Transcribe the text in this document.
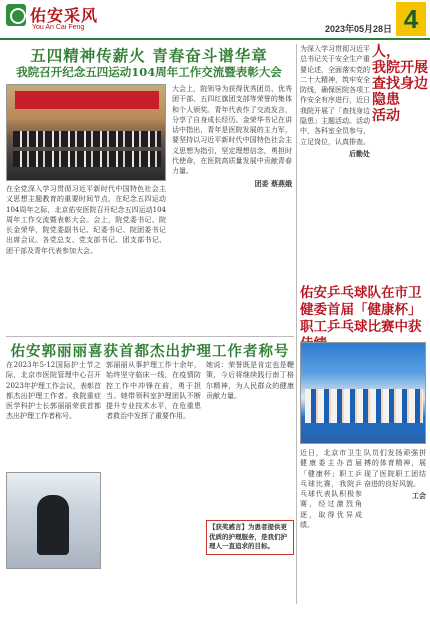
佑安采风
You An Cai Feng	2023年05月28日 4
五四精神传薪火 青春奋斗谱华章
我院召开纪念五四运动104周年工作交流暨表彰大会
在全党深入学习贯彻习近平新时代中国特色社会主义思想主题教育的重要时间节点，在纪念五四运动104周年之际，北京佑安医院召开纪念五四运动104周年工作交流暨表彰大会。会上，院党委书记、院长金荣华，院党委副书记、纪委书记、院团委书记出席会议。各党总支、党支部书记、团支部书记、团干部及青年代表参加大会。
大会上，院领导为获得优秀团员、优秀团干部、五四红旗团支部等荣誉的集体和个人颁奖。青年代表作了交流发言，分享了自身成长经历。金荣华书记在讲话中指出，青年是医院发展的主力军，要坚持以习近平新时代中国特色社会主义思想为指引，坚定理想信念，勇担时代使命，在医院高质量发展中贡献青春力量。
团委 蔡燕娥
为深入学习贯彻习近平总书记关于安全生产重要论述，全面落实党的二十大精神，筑牢安全防线，确保医院各项工作安全有序进行，近日我院开展了「查找身边隐患」主题活动。活动中，各科室全员参与，立足岗位，认真排查。
后勤处
人，
我院开展
查找身边
隐患
活动
佑安郭丽丽喜获首都杰出护理工作者称号
在2023年5·12国际护士节之际，北京市医院管理中心召开2023年护理工作会议，表彰首都杰出护理工作者。我院重症医学科护士长郭丽丽荣获首都杰出护理工作者称号。
郭丽丽从事护理工作十余年，始终坚守临床一线，在疫情防控工作中冲锋在前，勇于担当。她带领科室护理团队不断提升专业技术水平，在危重患者救治中发挥了重要作用。
她说：荣誉既是肯定也是鞭策，今后将继续践行南丁格尔精神，为人民群众的健康贡献力量。
【获奖感言】为患者提供更优质的护理服务，是我们护理人一直追求的目标。
佑安乒乓球队在市卫健委首届「健康杯」职工乒乓球比赛中获
近日，北京市卫生健康委主办首届「健康杯」职工乒乓球比赛，我院乒乓球代表队积极参赛，经过激烈角逐，取得优异成绩。
队员们发扬顽强拼搏的体育精神，展现了医院职工团结奋进的良好风貌。
工会
